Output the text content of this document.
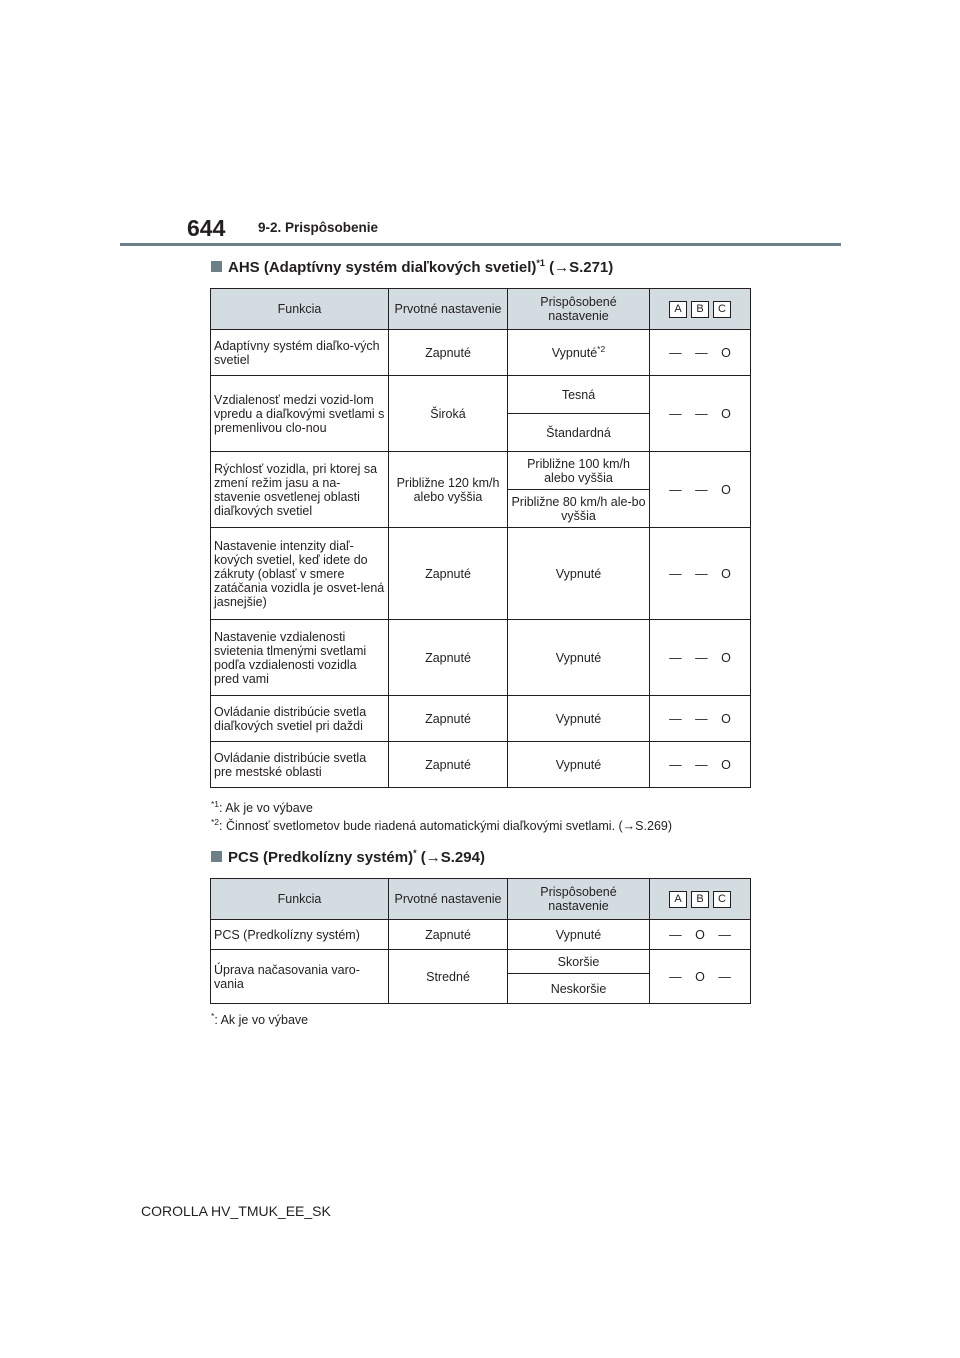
644 9-2. Prispôsobenie
AHS (Adaptívny systém diaľkových svetiel)$^{*1}$ (→S.271)
Funkcia	Prvotné nastavenie	Prispôsobené nastavenie	A B C
Adaptívny systém diaľko-vých svetiel	Zapnuté	Vypnuté$^{*2}$	— — O
Vzdialenosť medzi vozid-lom vpredu a diaľkovými svetlami s premenlivou clo-nou	Široká	Tesná	— — O
		Štandardná	
Rýchlosť vozidla, pri ktorej sa zmení režim jasu a na-stavenie osvetlenej oblasti diaľkových svetiel	Približne 120 km/h alebo vyššia	Približne 100 km/h alebo vyššia	— — O
		Približne 80 km/h ale-bo vyššia	
Nastavenie intenzity diaľ-kových svetiel, keď idete do zákruty (oblasť v smere zatáčania vozidla je osvet-lená jasnejšie)	Zapnuté	Vypnuté	— — O
Nastavenie vzdialenosti svietenia tlmenými svetlami podľa vzdialenosti vozidla pred vami	Zapnuté	Vypnuté	— — O
Ovládanie distribúcie svetla diaľkových svetiel pri daždi	Zapnuté	Vypnuté	— — O
Ovládanie distribúcie svetla pre mestské oblasti	Zapnuté	Vypnuté	— — O
$^{*1}$: Ak je vo výbave
$^{*2}$: Činnosť svetlometov bude riadená automatickými diaľkovými svetlami. (→S.269)
PCS (Predkolízny systém)* (→S.294)
Funkcia	Prvotné nastavenie	Prispôsobené nastavenie	A B C
PCS (Predkolízny systém)	Zapnuté	Vypnuté	— O —
Úprava načasovania varo-vania	Stredné	Skoršie	— O —
		Neskoršie	
*: Ak je vo výbave
COROLLA HV_TMUK_EE_SK
